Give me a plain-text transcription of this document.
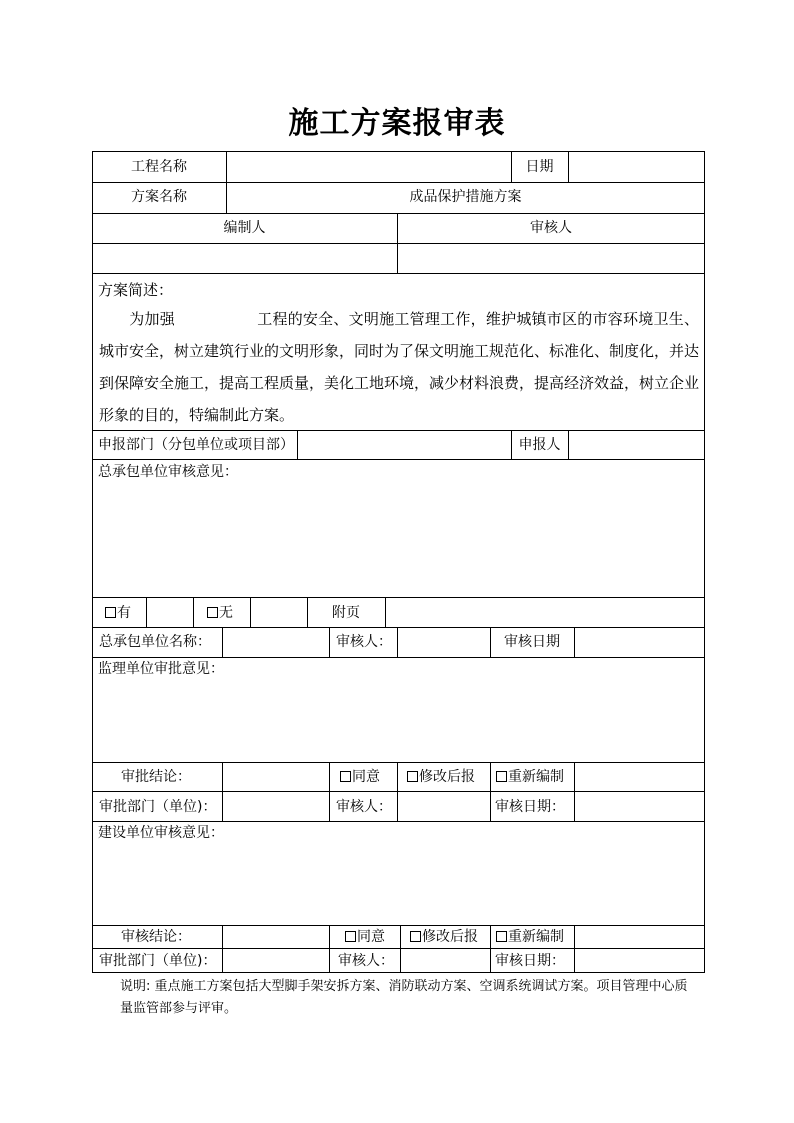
施工方案报审表
工程名称	日期
方案名称	成品保护措施方案
编制人	审核人
方案简述：
为加强	工程的安全、文明施工管理工作，维护城镇市区的市容环境卫生、城市安全，树立建筑行业的文明形象，同时为了保文明施工规范化、标准化、制度化，并达到保障安全施工，提高工程质量，美化工地环境，减少材料浪费，提高经济效益，树立企业形象的目的，特编制此方案。
申报部门（分包单位或项目部）	申报人
总承包单位审核意见：
有	无	附页
总承包单位名称：	审核人：	审核日期
监理单位审批意见：
审批结论：	同意	修改后报	重新编制
审批部门（单位)：	审核人：	审核日期：
建设单位审核意见：
审核结论：	同意	修改后报	重新编制
审批部门（单位)：	审核人：	审核日期：
说明: 重点施工方案包括大型脚手架安拆方案、消防联动方案、空调系统调试方案。项目管理中心质量监管部参与评审。
